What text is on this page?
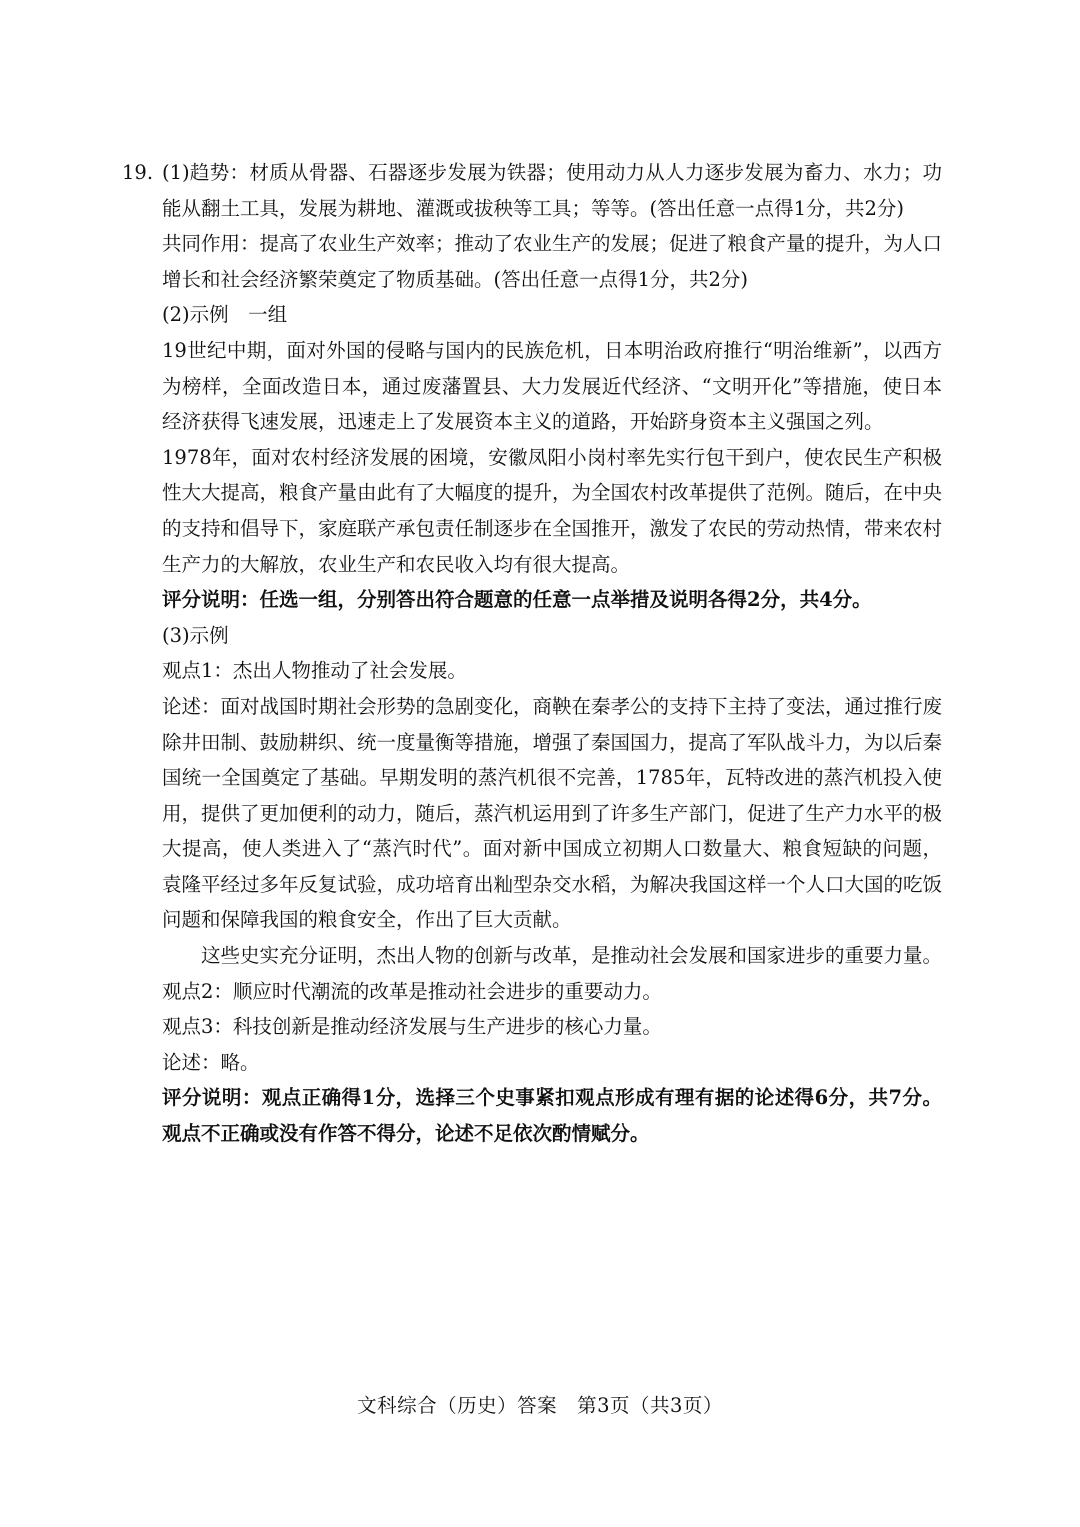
19. (1)趋势：材质从骨器、石器逐步发展为铁器；使用动力从人力逐步发展为畜力、水力；功能从翻土工具，发展为耕地、灌溉或拔秧等工具；等等。(答出任意一点得1分，共2分)

共同作用：提高了农业生产效率；推动了农业生产的发展；促进了粮食产量的提升，为人口增长和社会经济繁荣奠定了物质基础。(答出任意一点得1分，共2分)

(2)示例　一组

19世纪中期，面对外国的侵略与国内的民族危机，日本明治政府推行“明治维新”，以西方为榜样，全面改造日本，通过废藩置县、大力发展近代经济、“文明开化”等措施，使日本经济获得飞速发展，迅速走上了发展资本主义的道路，开始跻身资本主义强国之列。

1978年，面对农村经济发展的困境，安徽凤阳小岗村率先实行包干到户，使农民生产积极性大大提高，粮食产量由此有了大幅度的提升，为全国农村改革提供了范例。随后，在中央的支持和倡导下，家庭联产承包责任制逐步在全国推开，激发了农民的劳动热情，带来农村生产力的大解放，农业生产和农民收入均有很大提高。

评分说明：任选一组，分别答出符合题意的任意一点举措及说明各得2分，共4分。

(3)示例

观点1：杰出人物推动了社会发展。

论述：面对战国时期社会形势的急剧变化，商鞅在秦孝公的支持下主持了变法，通过推行废除井田制、鼓励耕织、统一度量衡等措施，增强了秦国国力，提高了军队战斗力，为以后秦国统一全国奠定了基础。早期发明的蒸汽机很不完善，1785年，瓦特改进的蒸汽机投入使用，提供了更加便利的动力，随后，蒸汽机运用到了许多生产部门，促进了生产力水平的极大提高，使人类进入了“蒸汽时代”。面对新中国成立初期人口数量大、粮食短缺的问题，袁隆平经过多年反复试验，成功培育出籼型杂交水稻，为解决我国这样一个人口大国的吃饭问题和保障我国的粮食安全，作出了巨大贡献。

这些史实充分证明，杰出人物的创新与改革，是推动社会发展和国家进步的重要力量。

观点2：顺应时代潮流的改革是推动社会进步的重要动力。

观点3：科技创新是推动经济发展与生产进步的核心力量。

论述：略。

评分说明：观点正确得1分，选择三个史事紧扣观点形成有理有据的论述得6分，共7分。观点不正确或没有作答不得分，论述不足依次酌情赋分。

文科综合（历史）答案　第3页（共3页）
